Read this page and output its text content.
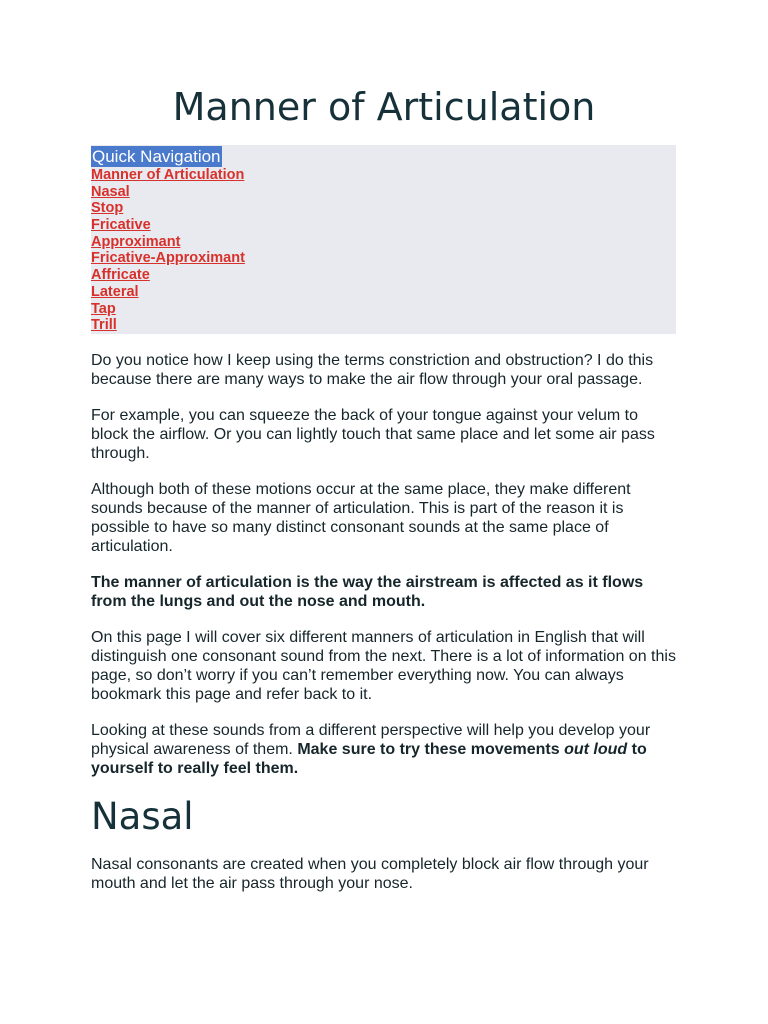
Manner of Articulation
Quick Navigation
Manner of Articulation
Nasal
Stop
Fricative
Approximant
Fricative-Approximant
Affricate
Lateral
Tap
Trill

Do you notice how I keep using the terms constriction and obstruction? I do this because there are many ways to make the air flow through your oral passage.

For example, you can squeeze the back of your tongue against your velum to block the airflow. Or you can lightly touch that same place and let some air pass through.

Although both of these motions occur at the same place, they make different sounds because of the manner of articulation. This is part of the reason it is possible to have so many distinct consonant sounds at the same place of articulation.

The manner of articulation is the way the airstream is affected as it flows from the lungs and out the nose and mouth.

On this page I will cover six different manners of articulation in English that will distinguish one consonant sound from the next. There is a lot of information on this page, so don’t worry if you can’t remember everything now. You can always bookmark this page and refer back to it.

Looking at these sounds from a different perspective will help you develop your physical awareness of them. Make sure to try these movements out loud to yourself to really feel them.

Nasal

Nasal consonants are created when you completely block air flow through your mouth and let the air pass through your nose.
